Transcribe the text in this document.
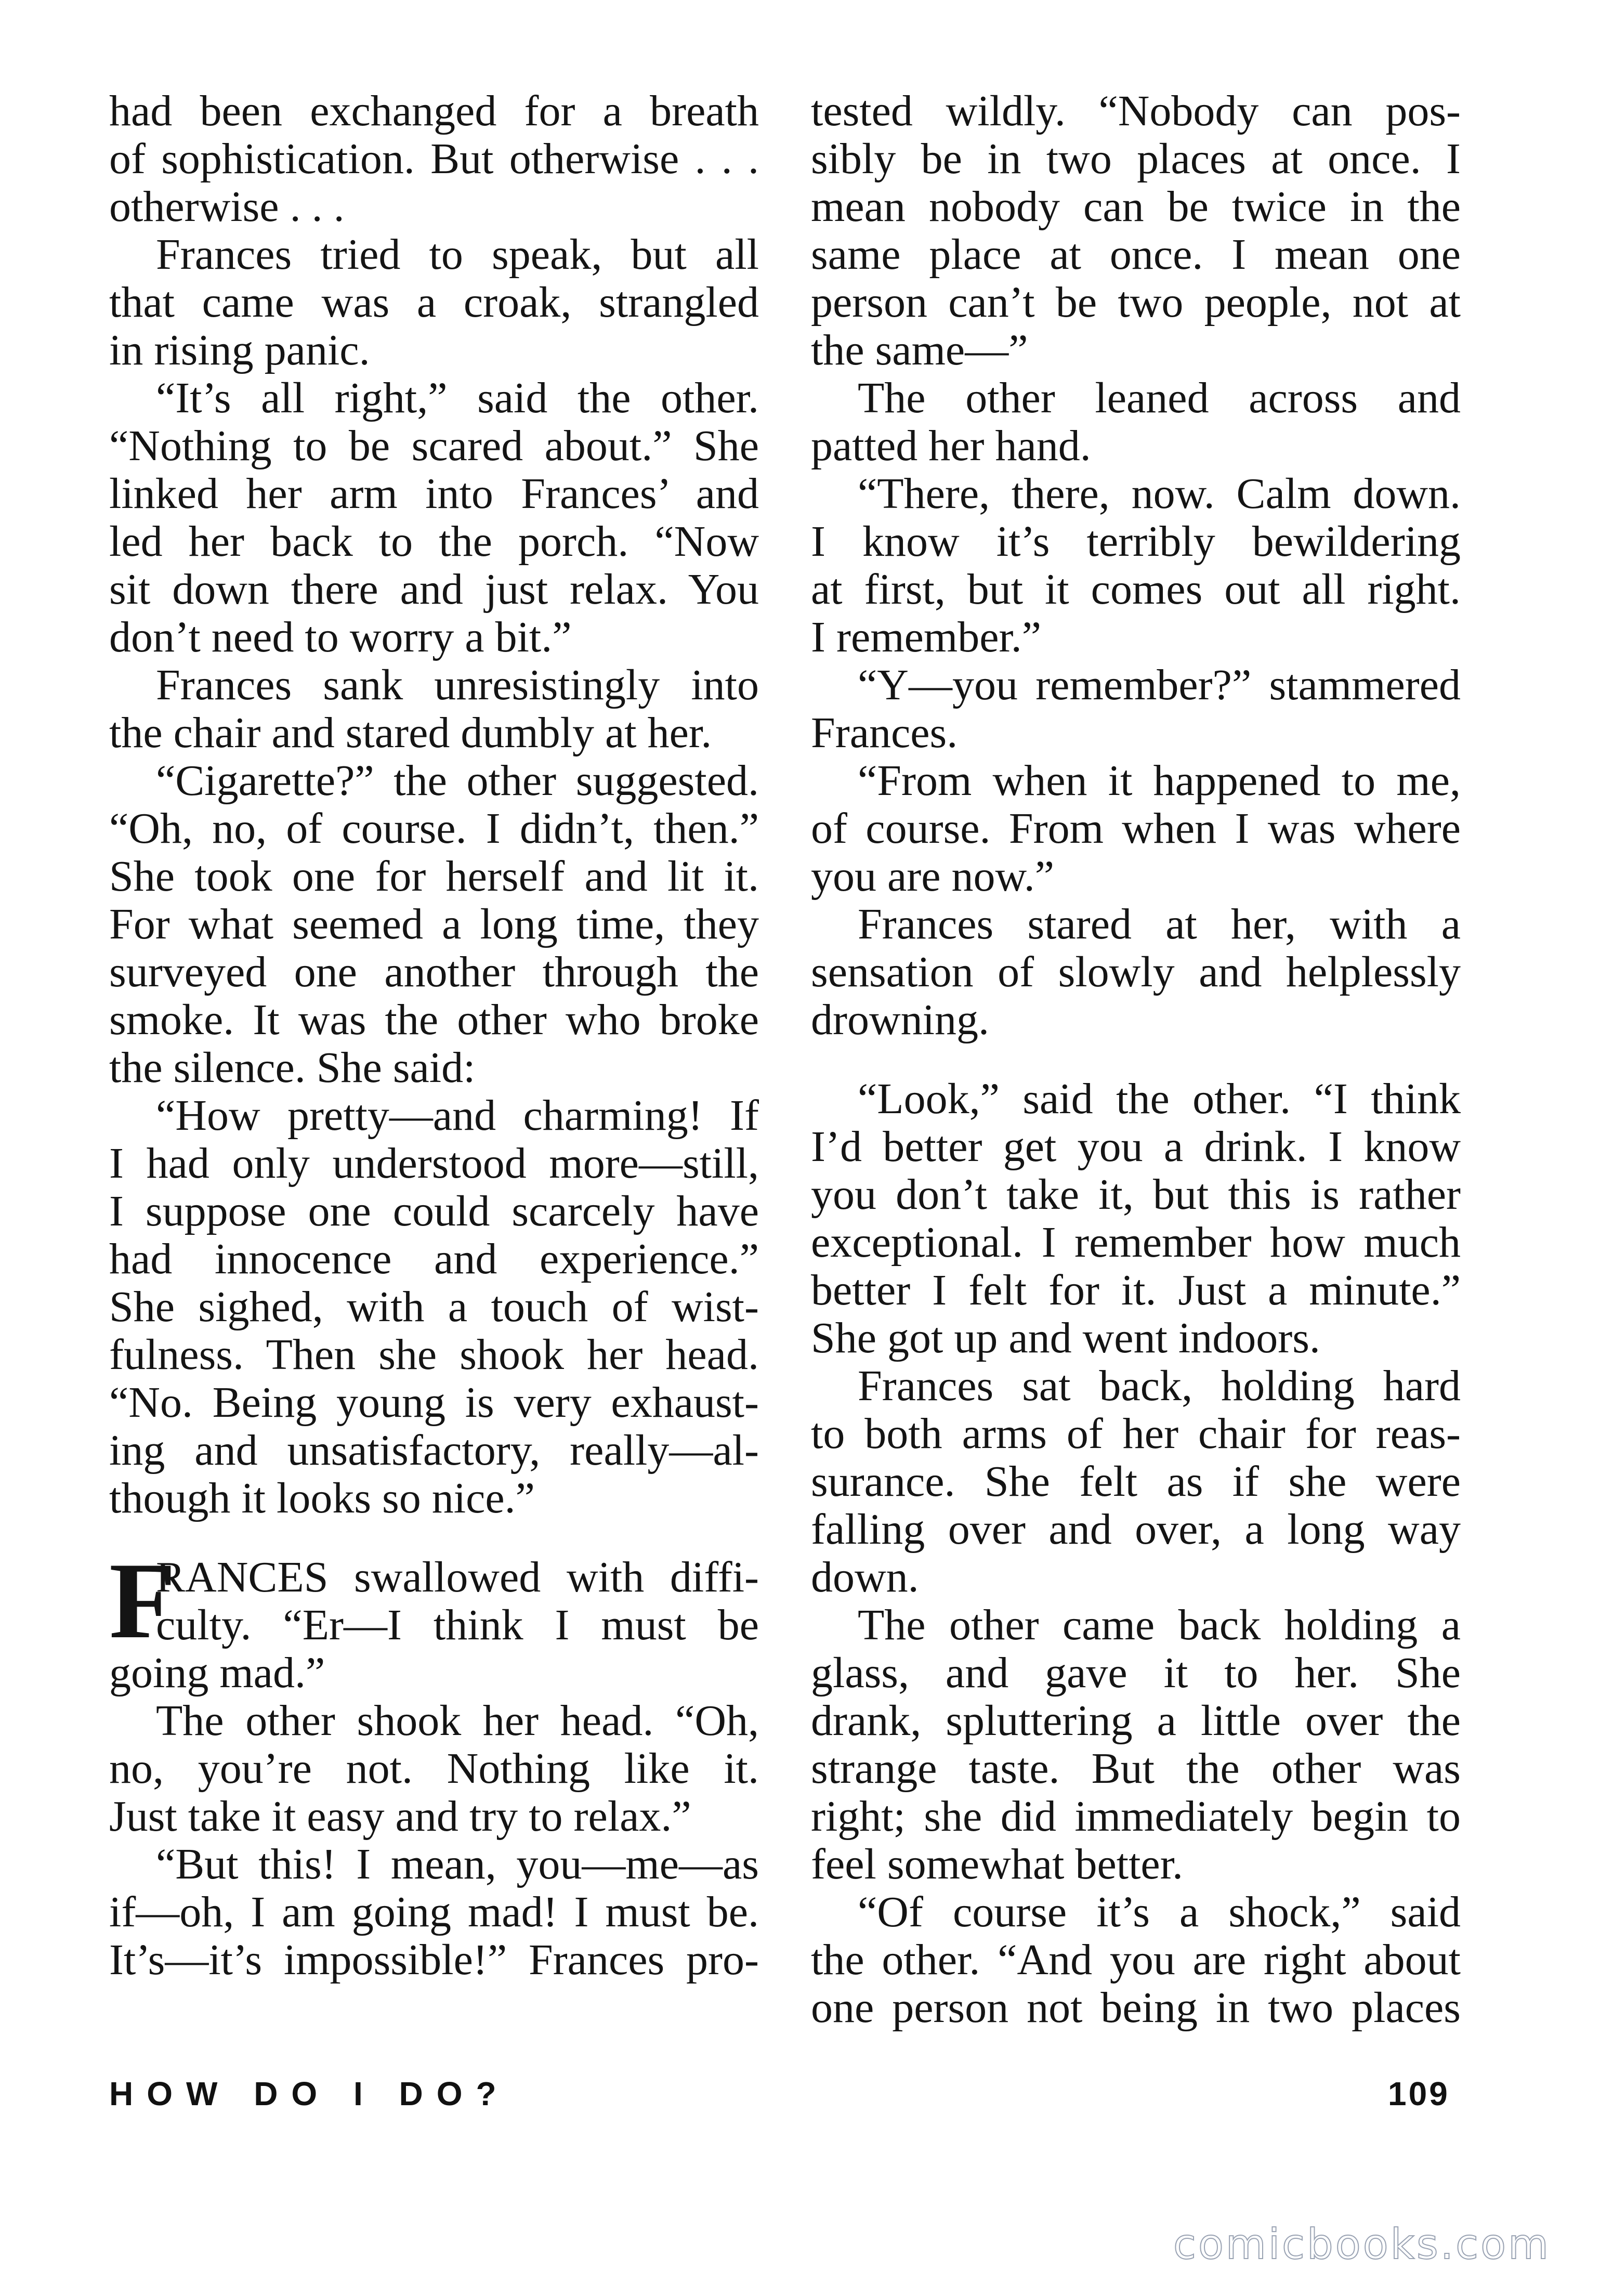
had been exchanged for a breath
of sophistication. But otherwise . . .
otherwise . . .
Frances tried to speak, but all
that came was a croak, strangled
in rising panic.
“It’s all right,” said the other.
“Nothing to be scared about.” She
linked her arm into Frances’ and
led her back to the porch. “Now
sit down there and just relax. You
don’t need to worry a bit.”
Frances sank unresistingly into
the chair and stared dumbly at her.
“Cigarette?” the other suggested.
“Oh, no, of course. I didn’t, then.”
She took one for herself and lit it.
For what seemed a long time, they
surveyed one another through the
smoke. It was the other who broke
the silence. She said:
“How pretty—and charming! If
I had only understood more—still,
I suppose one could scarcely have
had innocence and experience.”
She sighed, with a touch of wist-
fulness. Then she shook her head.
“No. Being young is very exhaust-
ing and unsatisfactory, really—al-
though it looks so nice.”
RANCES swallowed with diffi-
culty. “Er—I think I must be
going mad.”
The other shook her head. “Oh,
no, you’re not. Nothing like it.
Just take it easy and try to relax.”
“But this! I mean, you—me—as
if—oh, I am going mad! I must be.
It’s—it’s impossible!” Frances pro-
F
tested wildly. “Nobody can pos-
sibly be in two places at once. I
mean nobody can be twice in the
same place at once. I mean one
person can’t be two people, not at
the same—”
The other leaned across and
patted her hand.
“There, there, now. Calm down.
I know it’s terribly bewildering
at first, but it comes out all right.
I remember.”
“Y—you remember?” stammered
Frances.
“From when it happened to me,
of course. From when I was where
you are now.”
Frances stared at her, with a
sensation of slowly and helplessly
drowning.
“Look,” said the other. “I think
I’d better get you a drink. I know
you don’t take it, but this is rather
exceptional. I remember how much
better I felt for it. Just a minute.”
She got up and went indoors.
Frances sat back, holding hard
to both arms of her chair for reas-
surance. She felt as if she were
falling over and over, a long way
down.
The other came back holding a
glass, and gave it to her. She
drank, spluttering a little over the
strange taste. But the other was
right; she did immediately begin to
feel somewhat better.
“Of course it’s a shock,” said
the other. “And you are right about
one person not being in two places
HOW DO I DO?	109
comicbooks.com
